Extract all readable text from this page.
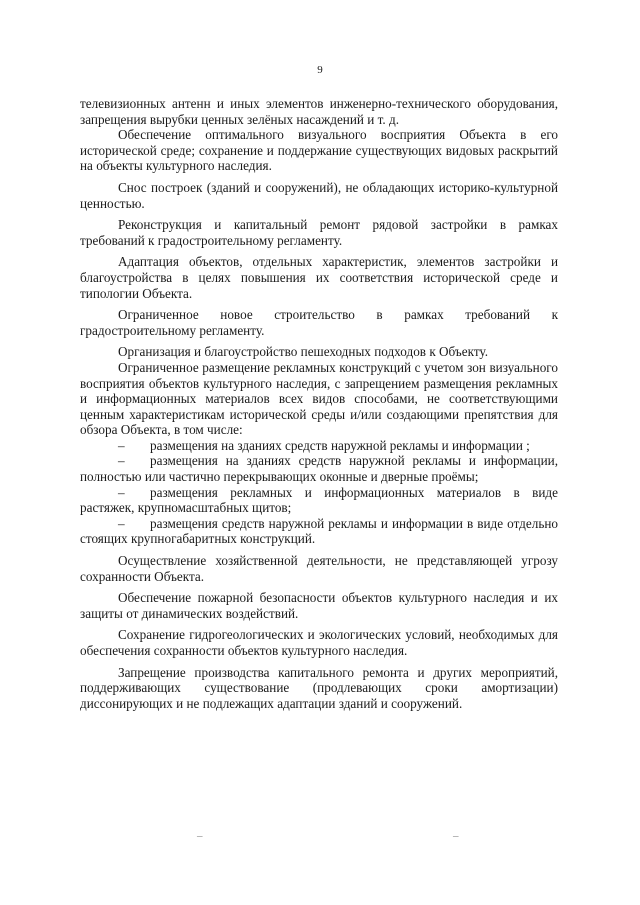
9

телевизионных антенн и иных элементов инженерно-технического оборудования, запрещения вырубки ценных зелёных насаждений и т. д.

Обеспечение оптимального визуального восприятия Объекта в его исторической среде; сохранение и поддержание существующих видовых раскрытий на объекты культурного наследия.

Снос построек (зданий и сооружений), не обладающих историко-культурной ценностью.

Реконструкция и капитальный ремонт рядовой застройки в рамках требований к градостроительному регламенту.

Адаптация объектов, отдельных характеристик, элементов застройки и благоустройства в целях повышения их соответствия исторической среде и типологии Объекта.

Ограниченное новое строительство в рамках требований к градостроительному регламенту.

Организация и благоустройство пешеходных подходов к Объекту.

Ограниченное размещение рекламных конструкций с учетом зон визуального восприятия объектов культурного наследия, с запрещением размещения рекламных и информационных материалов всех видов способами, не соответствующими ценным характеристикам исторической среды и/или создающими препятствия для обзора Объекта, в том числе:

– размещения на зданиях средств наружной рекламы и информации ;
– размещения на зданиях средств наружной рекламы и информации, полностью или частично перекрывающих оконные и дверные проёмы;
– размещения рекламных и информационных материалов в виде растяжек, крупномасштабных щитов;
– размещения средств наружной рекламы и информации в виде отдельно стоящих крупногабаритных конструкций.

Осуществление хозяйственной деятельности, не представляющей угрозу сохранности Объекта.

Обеспечение пожарной безопасности объектов культурного наследия и их защиты от динамических воздействий.

Сохранение гидрогеологических и экологических условий, необходимых для обеспечения сохранности объектов культурного наследия.

Запрещение производства капитального ремонта и других мероприятий, поддерживающих существование (продлевающих сроки амортизации) диссонирующих и не подлежащих адаптации зданий и сооружений.

–	–
